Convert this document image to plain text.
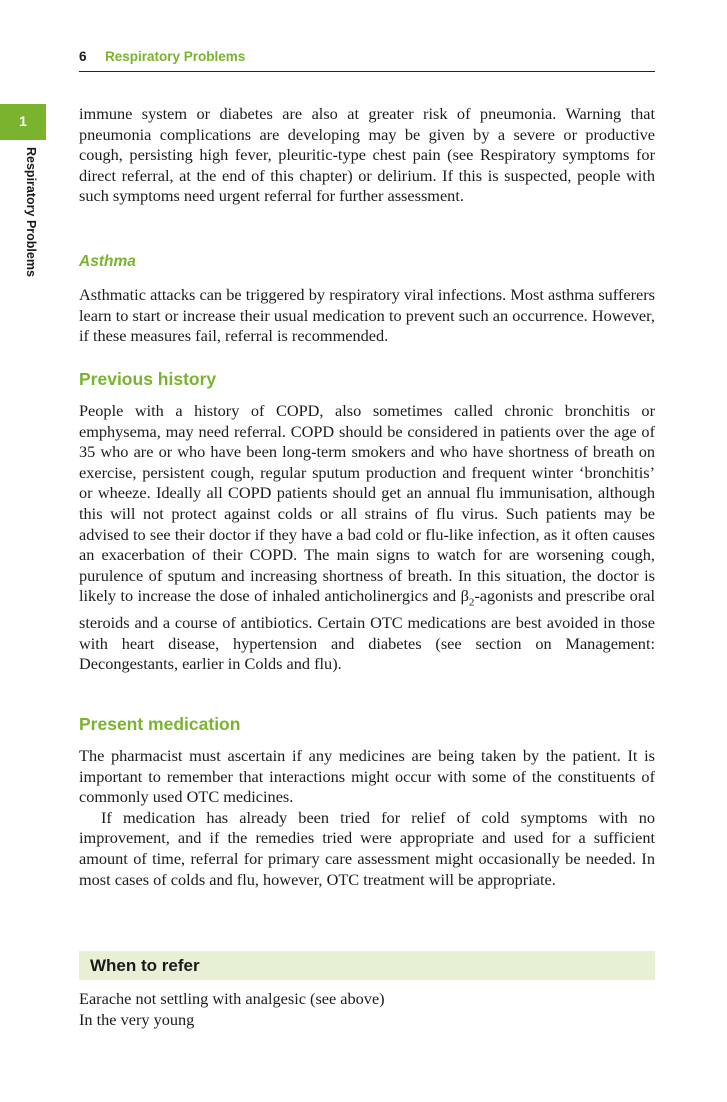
6 Respiratory Problems
1
Respiratory Problems

immune system or diabetes are also at greater risk of pneumonia. Warning that pneumonia complications are developing may be given by a severe or productive cough, persisting high fever, pleuritic-type chest pain (see Respiratory symptoms for direct referral, at the end of this chapter) or delirium. If this is suspected, people with such symptoms need urgent referral for further assessment.

Asthma

Asthmatic attacks can be triggered by respiratory viral infections. Most asthma sufferers learn to start or increase their usual medication to prevent such an occurrence. However, if these measures fail, referral is recommended.

Previous history

People with a history of COPD, also sometimes called chronic bronchitis or emphysema, may need referral. COPD should be considered in patients over the age of 35 who are or who have been long-term smokers and who have shortness of breath on exercise, persistent cough, regular sputum production and frequent winter ‘bronchitis’ or wheeze. Ideally all COPD patients should get an annual flu immunisation, although this will not protect against colds or all strains of flu virus. Such patients may be advised to see their doctor if they have a bad cold or flu-like infection, as it often causes an exacerbation of their COPD. The main signs to watch for are worsening cough, purulence of sputum and increasing shortness of breath. In this situation, the doctor is likely to increase the dose of inhaled anticholinergics and $\beta_2$-agonists and prescribe oral steroids and a course of antibiotics. Certain OTC medications are best avoided in those with heart disease, hypertension and diabetes (see section on Management: Decongestants, earlier in Colds and flu).

Present medication

The pharmacist must ascertain if any medicines are being taken by the patient. It is important to remember that interactions might occur with some of the constituents of commonly used OTC medicines.

If medication has already been tried for relief of cold symptoms with no improvement, and if the remedies tried were appropriate and used for a sufficient amount of time, referral for primary care assessment might occasionally be needed. In most cases of colds and flu, however, OTC treatment will be appropriate.

When to refer
Earache not settling with analgesic (see above)
In the very young
